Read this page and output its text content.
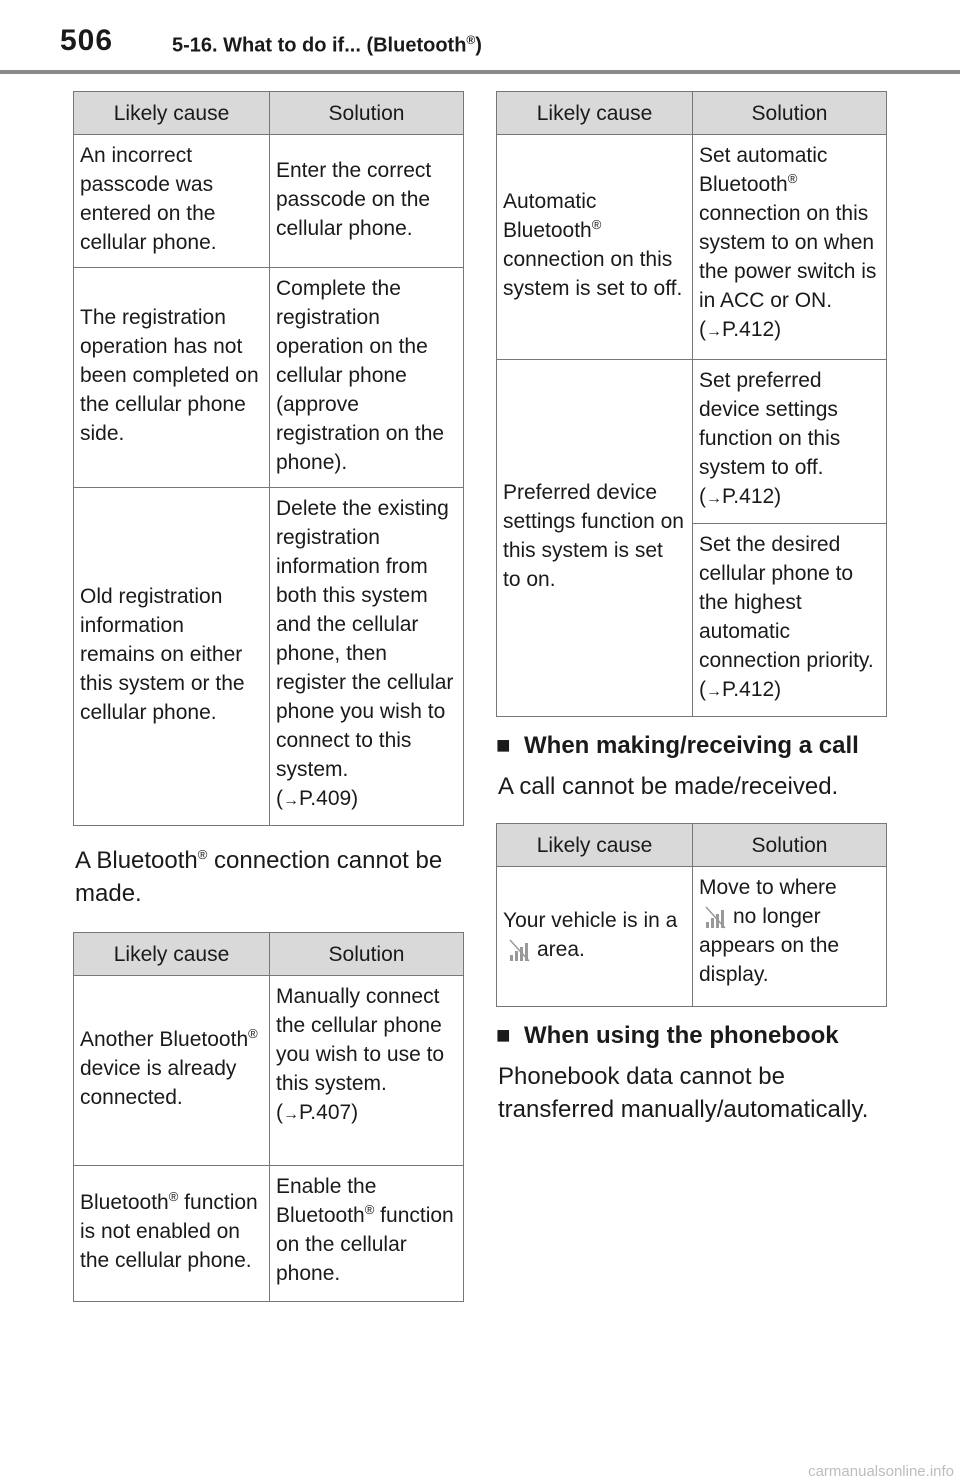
506	5-16. What to do if... (Bluetooth®)
Likely cause	Solution
An incorrect passcode was entered on the cellular phone.	Enter the correct passcode on the cellular phone.
The registration operation has not been completed on the cellular phone side.	Complete the registration operation on the cellular phone (approve registration on the phone).
Old registration information remains on either this system or the cellular phone.	Delete the existing registration information from both this system and the cellular phone, then register the cellular phone you wish to connect to this system.
(→P.409)
A Bluetooth® connection cannot be made.
Likely cause	Solution
Another Bluetooth® device is already connected.	Manually connect the cellular phone you wish to use to this system.
(→P.407)
Bluetooth® function is not enabled on the cellular phone.	Enable the Bluetooth® function on the cellular phone.
Likely cause	Solution
Automatic Bluetooth® connection on this system is set to off.	Set automatic Bluetooth® connection on this system to on when the power switch is in ACC or ON. (→P.412)
Preferred device settings function on this system is set to on.	Set preferred device settings function on this system to off.
(→P.412)
	Set the desired cellular phone to the highest automatic connection priority.
(→P.412)
■ When making/receiving a call
A call cannot be made/received.
Likely cause	Solution
Your vehicle is in aarea.	Move to where
no longer appears on the display.
■ When using the phonebook
Phonebook data cannot be transferred manually/automatically.
carmanualsonline.info
